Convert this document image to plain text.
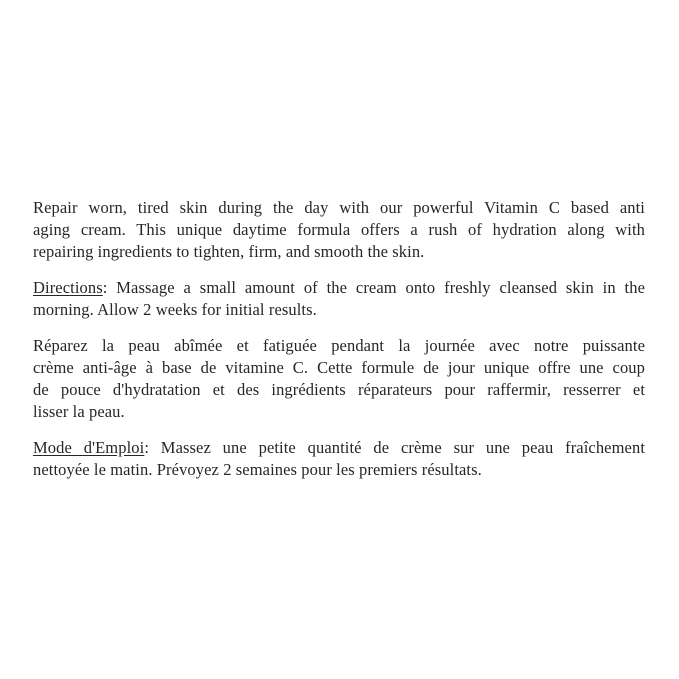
Repair worn, tired skin during the day with our powerful Vitamin C based anti
aging cream. This unique daytime formula offers a rush of hydration along with
repairing ingredients to tighten, firm, and smooth the skin.
Directions: Massage a small amount of the cream onto freshly cleansed skin in the
morning. Allow 2 weeks for initial results.
Réparez la peau abîmée et fatiguée pendant la journée avec notre puissante
crème anti-âge à base de vitamine C. Cette formule de jour unique offre une coup
de pouce d'hydratation et des ingrédients réparateurs pour raffermir, resserrer et
lisser la peau.
Mode d'Emploi: Massez une petite quantité de crème sur une peau fraîchement
nettoyée le matin. Prévoyez 2 semaines pour les premiers résultats.
